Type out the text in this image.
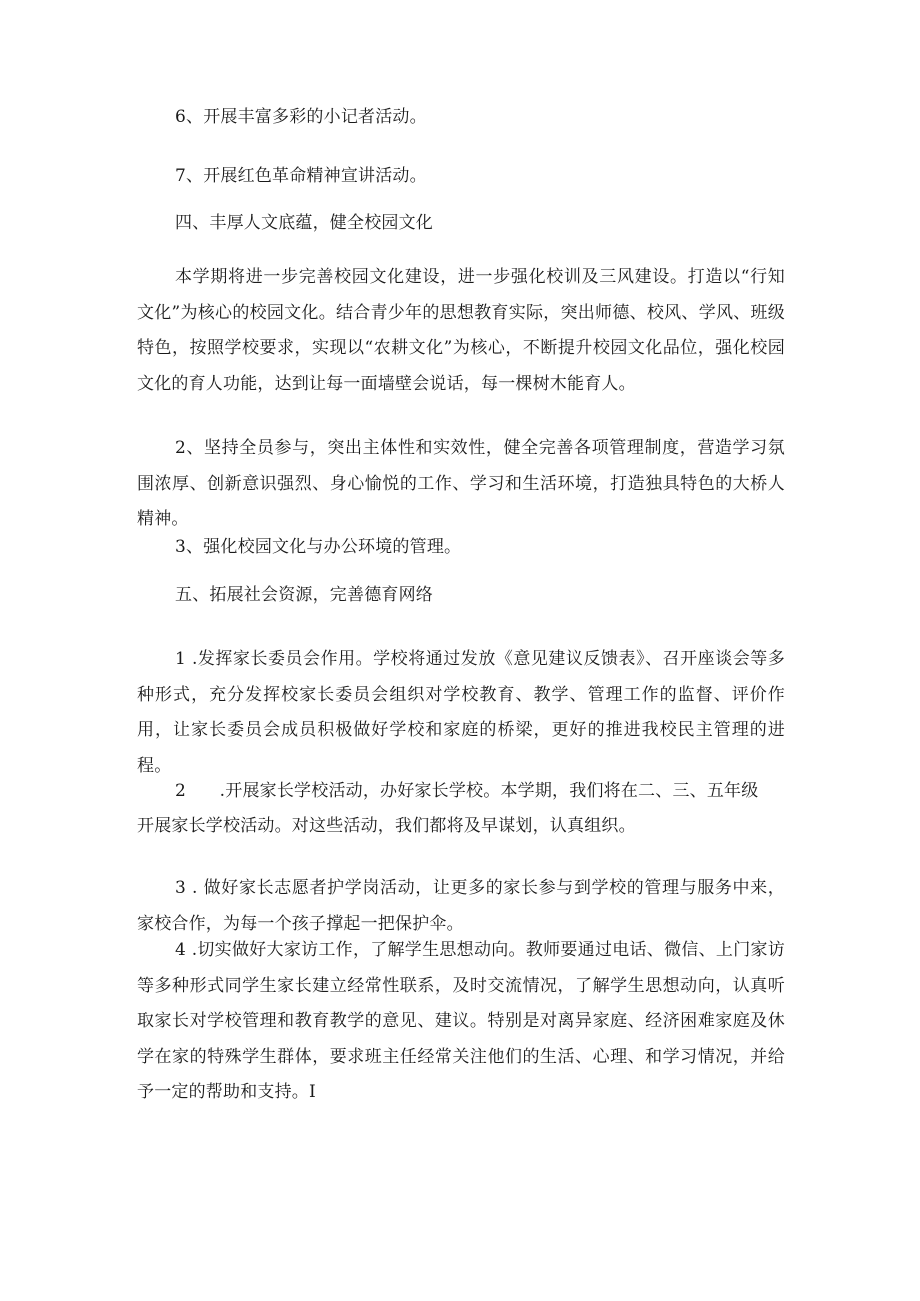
6、开展丰富多彩的小记者活动。
7、开展红色革命精神宣讲活动。
四、丰厚人文底蕴，健全校园文化
本学期将进一步完善校园文化建设，进一步强化校训及三风建设。打造以“行知文化”为核心的校园文化。结合青少年的思想教育实际，突出师德、校风、学风、班级特色，按照学校要求，实现以“农耕文化”为核心，不断提升校园文化品位，强化校园文化的育人功能，达到让每一面墙壁会说话，每一棵树木能育人。
2、坚持全员参与，突出主体性和实效性，健全完善各项管理制度，营造学习氛围浓厚、创新意识强烈、身心愉悦的工作、学习和生活环境，打造独具特色的大桥人精神。
3、强化校园文化与办公环境的管理。
五、拓展社会资源，完善德育网络
1 .发挥家长委员会作用。学校将通过发放《意见建议反馈表》、召开座谈会等多种形式，充分发挥校家长委员会组织对学校教育、教学、管理工作的监督、评价作用，让家长委员会成员积极做好学校和家庭的桥梁，更好的推进我校民主管理的进程。
2      .开展家长学校活动，办好家长学校。本学期，我们将在二、三、五年级
开展家长学校活动。对这些活动，我们都将及早谋划，认真组织。
3 . 做好家长志愿者护学岗活动，让更多的家长参与到学校的管理与服务中来，家校合作，为每一个孩子撑起一把保护伞。
4 .切实做好大家访工作，了解学生思想动向。教师要通过电话、微信、上门家访等多种形式同学生家长建立经常性联系，及时交流情况，了解学生思想动向，认真听取家长对学校管理和教育教学的意见、建议。特别是对离异家庭、经济困难家庭及休学在家的特殊学生群体，要求班主任经常关注他们的生活、心理、和学习情况，并给予一定的帮助和支持。I
